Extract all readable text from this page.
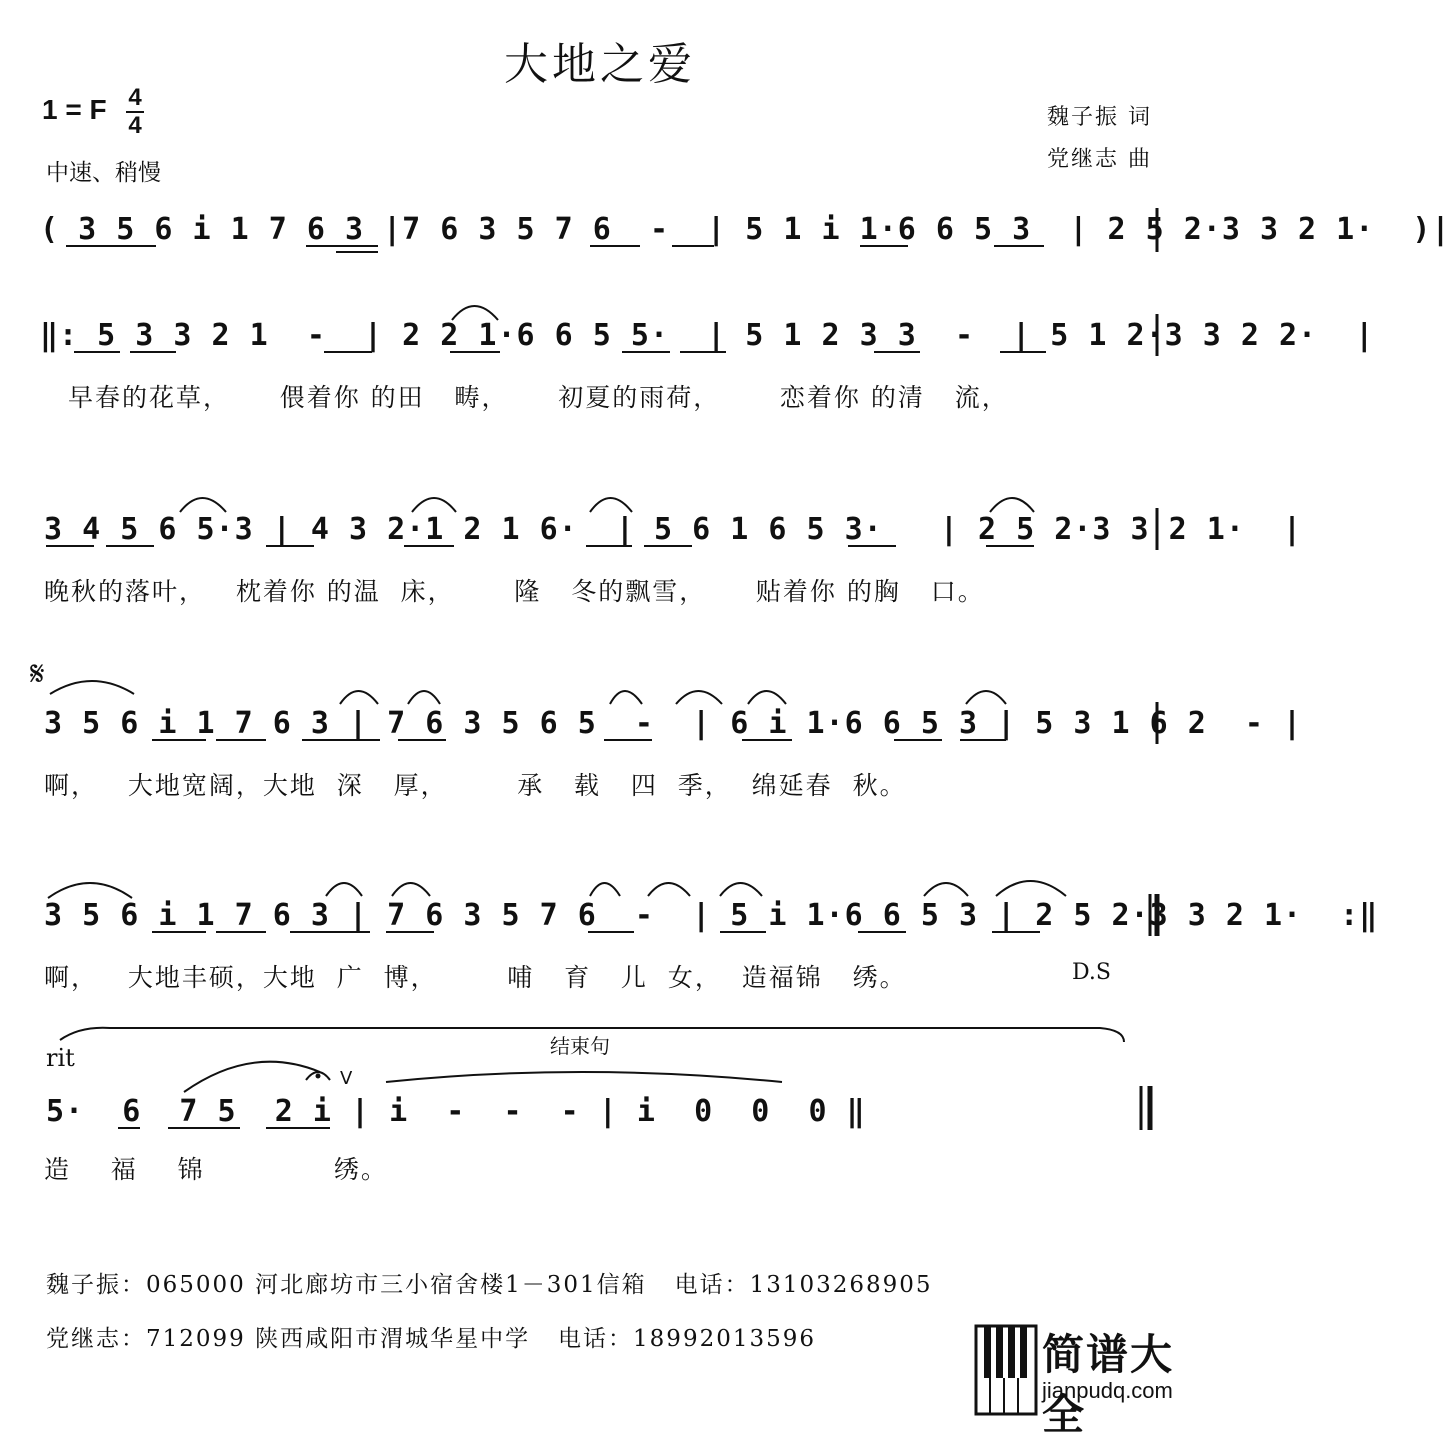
大地之爱
1 = F 4
4
中速、稍慢
魏子振 词
党继志 曲
( 3 5 6 i 1 7 6 3 |7 6 3 5 7 6  -  | 5 1 i 1·6 6 5 3  | 2 5 2·3 3 2 1·  )|
‖: 5 3 3 2 1  -  | 2 2 1·6 6 5 5·  | 5 1 2 3 3  -  | 5 1 2·3 3 2 2·  |
早春的花草，     偎着你 的田   畴，     初夏的雨荷，      恋着你 的清   流，
3 4 5 6 5·3 | 4 3 2·1 2 1 6·  | 5 6 1 6 5 3·   | 2 5 2·3 3 2 1·  |
晚秋的落叶，   枕着你 的温  床，      隆   冬的飘雪，     贴着你 的胸   口。
𝄋
3 5 6 i 1 7 6 3 | 7 6 3 5 6 5  -  | 6 i 1·6 6 5 3 | 5 3 1 6 2  - |
啊，   大地宽阔，大地  深   厚，       承   载   四  季，  绵延春  秋。
3 5 6 i 1 7 6 3 | 7 6 3 5 7 6  -  | 5 i 1·6 6 5 3 | 2 5 2·3 3 2 1·  :‖
啊，   大地丰硕，大地  广  博，       哺   育   儿  女，  造福锦   绣。	D.S
rit	结束句
5·  6  7 5  2 i | i  -  -  - | i  0  0  0 ‖
造    福    锦             绣。
魏子振：065000 河北廊坊市三小宿舍楼1－301信箱   电话：13103268905
党继志：712099 陕西咸阳市渭城华星中学   电话：18992013596	简谱大全
jianpudq.com
V
